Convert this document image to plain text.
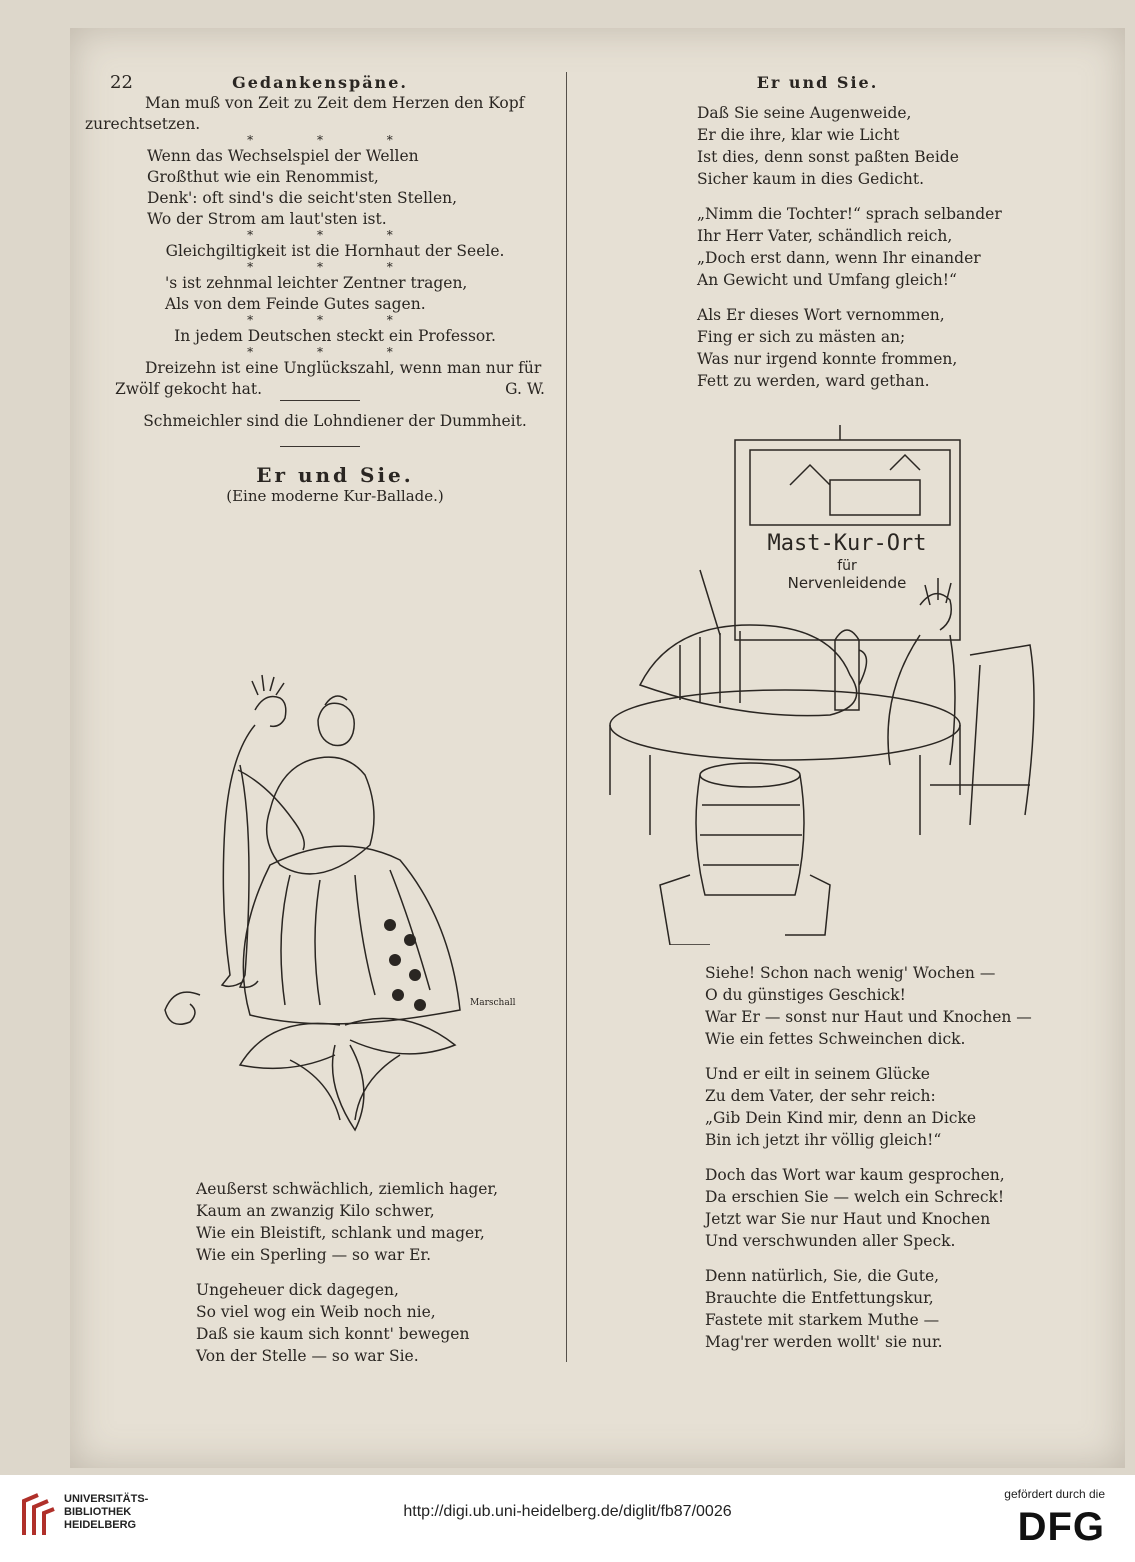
22	Gedankenspäne.

Man muß von Zeit zu Zeit dem Herzen den Kopf

zurechtsetzen.

* * *
Wenn das Wechselspiel der Wellen
Großthut wie ein Renommist,
Denk': oft sind's die seicht'sten Stellen,
Wo der Strom am laut'sten ist.
* * *
Gleichgiltigkeit ist die Hornhaut der Seele.
* * *
's ist zehnmal leichter Zentner tragen,
Als von dem Feinde Gutes sagen.
* * *
In jedem Deutschen steckt ein Professor.
* * *

Dreizehn ist eine Unglückszahl, wenn man nur für

Zwölf gekocht hat.	G. W.
Schmeichler sind die Lohndiener der Dummheit.
Er und Sie.
(Eine moderne Kur-Ballade.)
Marschall

Aeußerst schwächlich, ziemlich hager,
Kaum an zwanzig Kilo schwer,
Wie ein Bleistift, schlank und mager,
Wie ein Sperling — so war Er.

Ungeheuer dick dagegen,
So viel wog ein Weib noch nie,
Daß sie kaum sich konnt' bewegen
Von der Stelle — so war Sie.

Er und Sie.

Daß Sie seine Augenweide,
Er die ihre, klar wie Licht
Ist dies, denn sonst paßten Beide
Sicher kaum in dies Gedicht.

„Nimm die Tochter!“ sprach selbander
Ihr Herr Vater, schändlich reich,
„Doch erst dann, wenn Ihr einander
An Gewicht und Umfang gleich!“

Als Er dieses Wort vernommen,
Fing er sich zu mästen an;
Was nur irgend konnte frommen,
Fett zu werden, ward gethan.

Mast-Kur-Ort
für
Nervenleidende

Siehe! Schon nach wenig' Wochen —
O du günstiges Geschick!
War Er — sonst nur Haut und Knochen —
Wie ein fettes Schweinchen dick.

Und er eilt in seinem Glücke
Zu dem Vater, der sehr reich:
„Gib Dein Kind mir, denn an Dicke
Bin ich jetzt ihr völlig gleich!“

Doch das Wort war kaum gesprochen,
Da erschien Sie — welch ein Schreck!
Jetzt war Sie nur Haut und Knochen
Und verschwunden aller Speck.

Denn natürlich, Sie, die Gute,
Brauchte die Entfettungskur,
Fastete mit starkem Muthe —
Mag'rer werden wollt' sie nur.

UNIVERSITÄTS-
BIBLIOTHEK
HEIDELBERG
http://digi.ub.uni-heidelberg.de/diglit/fb87/0026
gefördert durch die
DFG
